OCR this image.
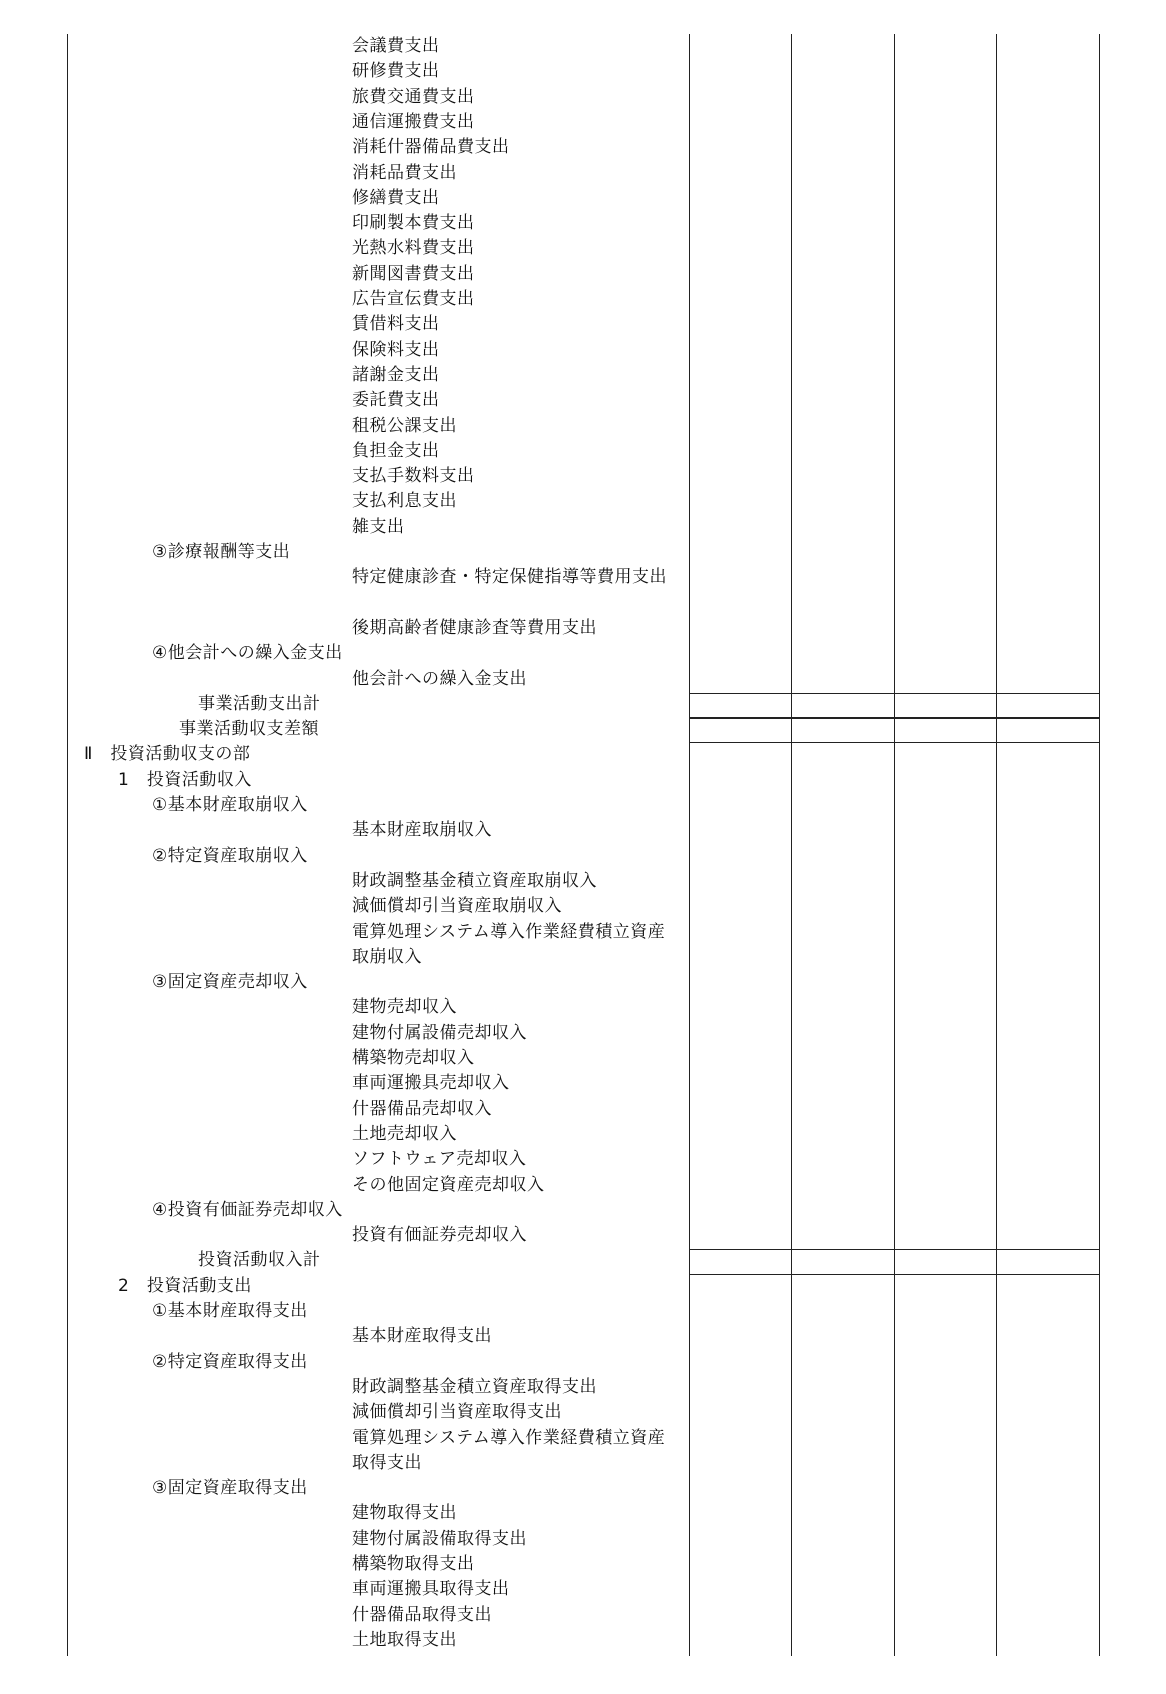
会議費支出
研修費支出
旅費交通費支出
通信運搬費支出
消耗什器備品費支出
消耗品費支出
修繕費支出
印刷製本費支出
光熱水料費支出
新聞図書費支出
広告宣伝費支出
賃借料支出
保険料支出
諸謝金支出
委託費支出
租税公課支出
負担金支出
支払手数料支出
支払利息支出
雑支出
③診療報酬等支出
特定健康診査・特定保健指導等費用支出
後期高齢者健康診査等費用支出
④他会計への繰入金支出
他会計への繰入金支出
事業活動支出計
事業活動収支差額
Ⅱ　投資活動収支の部
1　投資活動収入
①基本財産取崩収入
基本財産取崩収入
②特定資産取崩収入
財政調整基金積立資産取崩収入
減価償却引当資産取崩収入
電算処理システム導入作業経費積立資産取崩収入
③固定資産売却収入
建物売却収入
建物付属設備売却収入
構築物売却収入
車両運搬具売却収入
什器備品売却収入
土地売却収入
ソフトウェア売却収入
その他固定資産売却収入
④投資有価証券売却収入
投資有価証券売却収入
投資活動収入計
2　投資活動支出
①基本財産取得支出
基本財産取得支出
②特定資産取得支出
財政調整基金積立資産取得支出
減価償却引当資産取得支出
電算処理システム導入作業経費積立資産取得支出
③固定資産取得支出
建物取得支出
建物付属設備取得支出
構築物取得支出
車両運搬具取得支出
什器備品取得支出
土地取得支出
